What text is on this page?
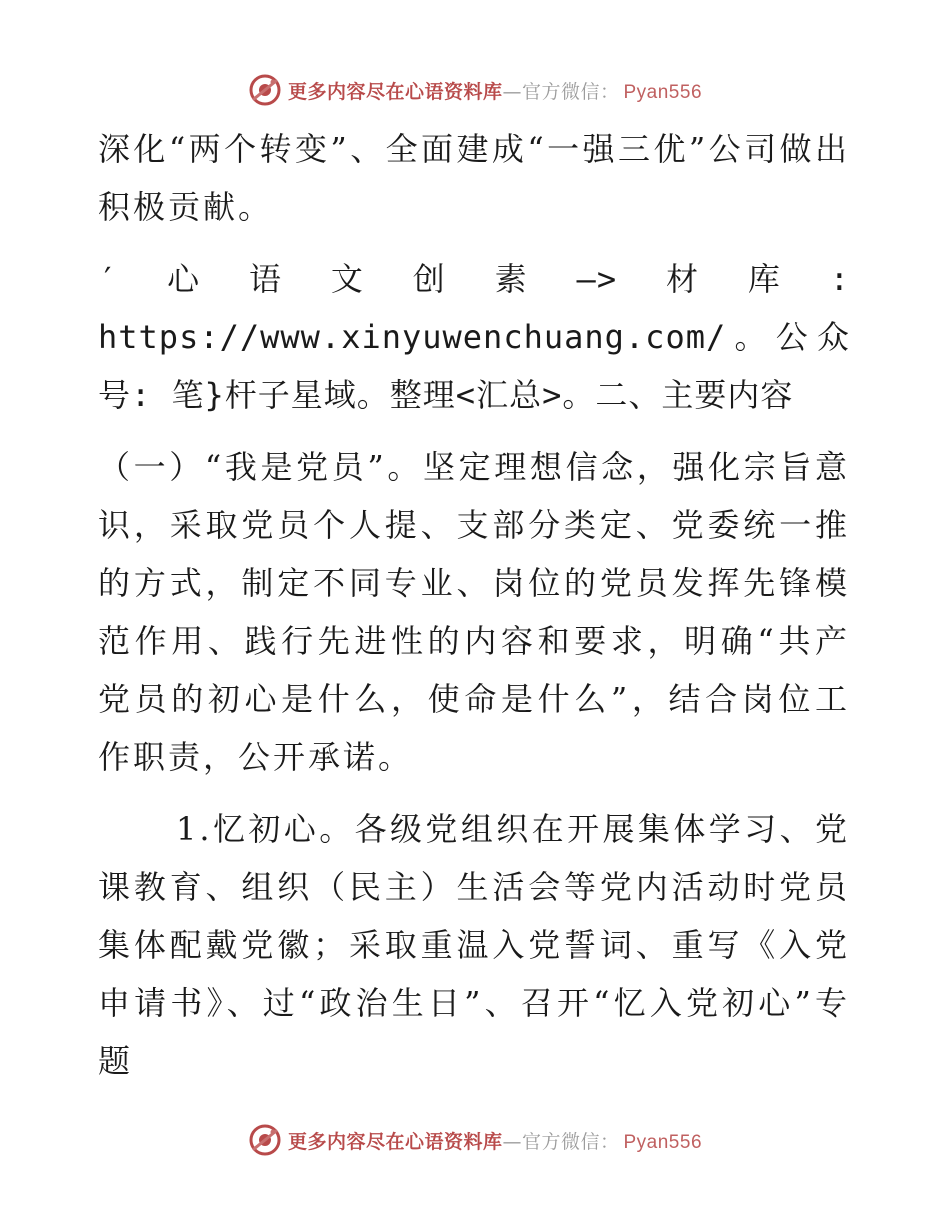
更多内容尽在心语资料库—官方微信： Pyan556

深化“两个转变”、全面建成“一强三优”公司做出积极贡献。

′心语文创素—>材库: https://www.xinyuwenchuang.com/。公众号: 笔}杆子星域。整理<汇总>。二、主要内容

（一）“我是党员”。坚定理想信念，强化宗旨意识，采取党员个人提、支部分类定、党委统一推的方式，制定不同专业、岗位的党员发挥先锋模范作用、践行先进性的内容和要求，明确“共产党员的初心是什么，使命是什么”，结合岗位工作职责，公开承诺。

1.忆初心。各级党组织在开展集体学习、党课教育、组织（民主）生活会等党内活动时党员集体配戴党徽；采取重温入党誓词、重写《入党申请书》、过“政治生日”、召开“忆入党初心”专题

更多内容尽在心语资料库—官方微信： Pyan556
